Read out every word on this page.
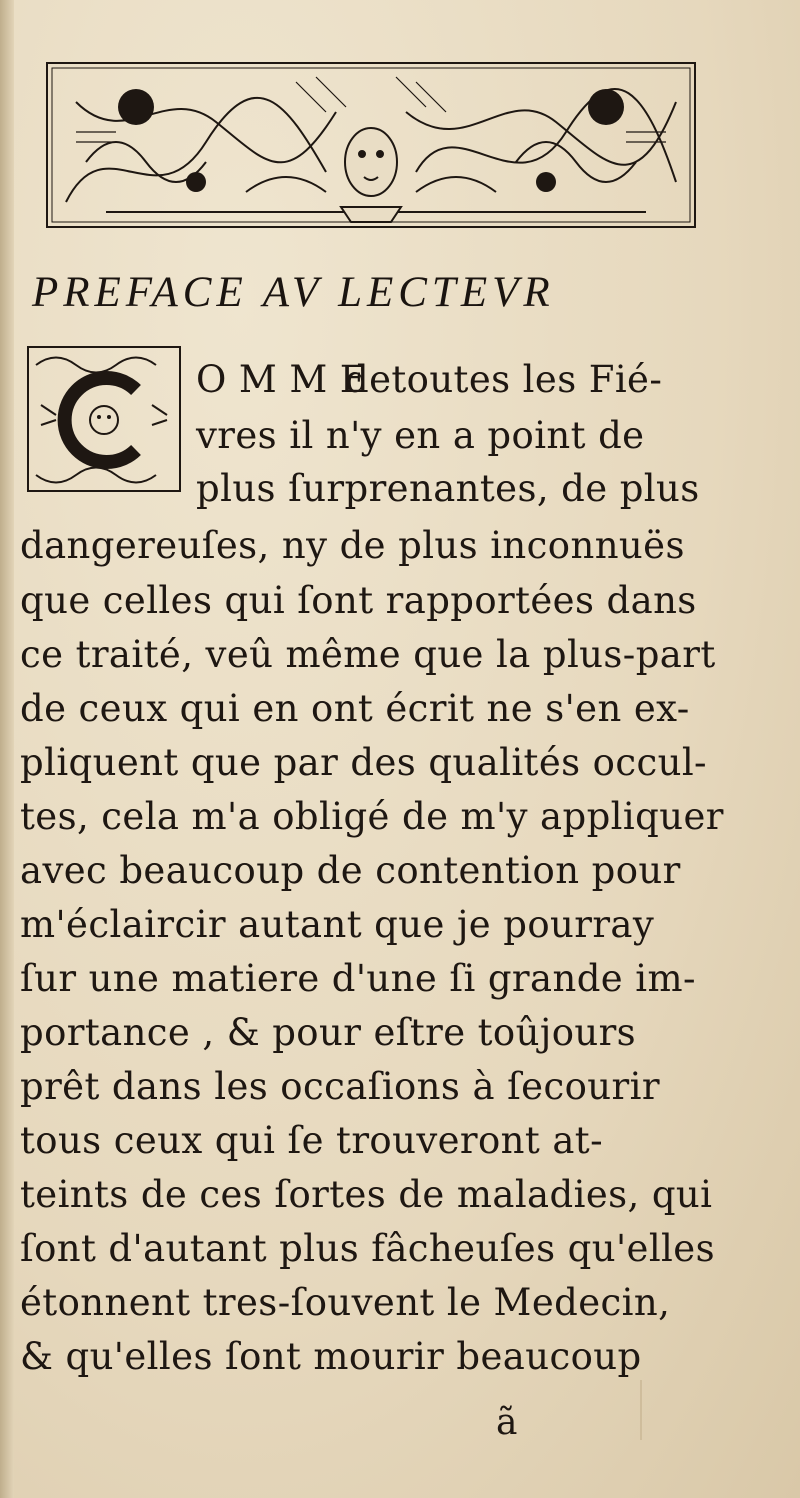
PREFACE AV LECTEVR
O M M E
detoutes les Fié-
vres il n'y en a point de
plus ſurprenantes, de plus
dangereuſes, ny de plus inconnuës
que celles qui ſont rapportées dans
ce traité, veû même que la plus-part
de ceux qui en ont écrit ne s'en ex-
pliquent que par des qualités occul-
tes, cela m'a obligé de m'y appliquer
avec beaucoup de contention pour
m'éclaircir autant que je pourray
ſur une matiere d'une ſi grande im-
portance , & pour eſtre toûjours
prêt dans les occaſions à ſecourir
tous ceux qui ſe trouveront at-
teints de ces ſortes de maladies, qui
ſont d'autant plus fâcheuſes qu'elles
étonnent tres-ſouvent le Medecin,
& qu'elles ſont mourir beaucoup
ã
